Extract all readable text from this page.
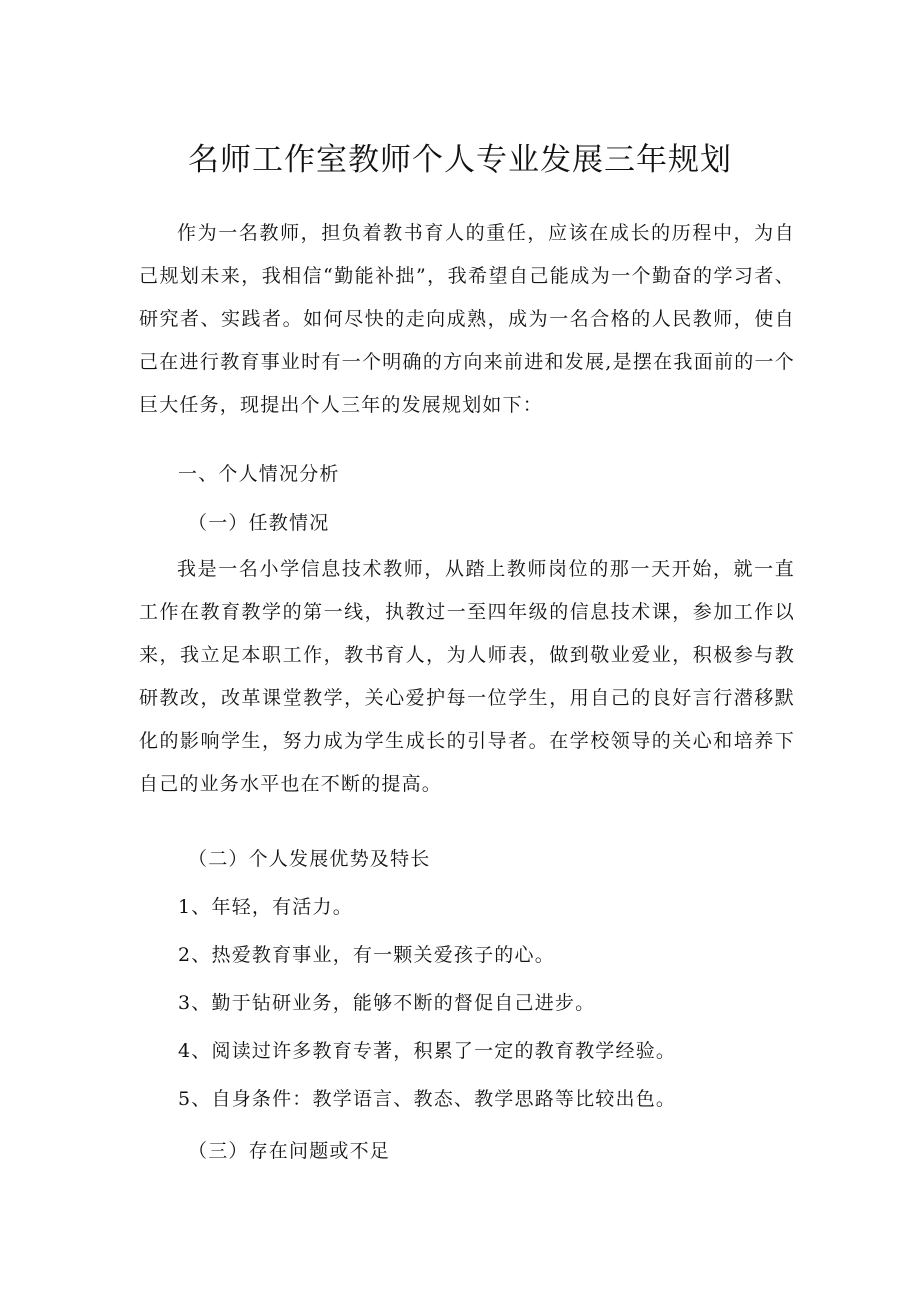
名师工作室教师个人专业发展三年规划

作为一名教师，担负着教书育人的重任，应该在成长的历程中，为自己规划未来，我相信“勤能补拙”，我希望自己能成为一个勤奋的学习者、研究者、实践者。如何尽快的走向成熟，成为一名合格的人民教师，使自己在进行教育事业时有一个明确的方向来前进和发展,是摆在我面前的一个巨大任务，现提出个人三年的发展规划如下：

一、个人情况分析

（一）任教情况

我是一名小学信息技术教师，从踏上教师岗位的那一天开始，就一直工作在教育教学的第一线，执教过一至四年级的信息技术课，参加工作以来，我立足本职工作，教书育人，为人师表，做到敬业爱业，积极参与教研教改，改革课堂教学，关心爱护每一位学生，用自己的良好言行潜移默化的影响学生，努力成为学生成长的引导者。在学校领导的关心和培养下自己的业务水平也在不断的提高。

（二）个人发展优势及特长

1、年轻，有活力。

2、热爱教育事业，有一颗关爱孩子的心。

3、勤于钻研业务，能够不断的督促自己进步。

4、阅读过许多教育专著，积累了一定的教育教学经验。

5、自身条件：教学语言、教态、教学思路等比较出色。

（三）存在问题或不足
